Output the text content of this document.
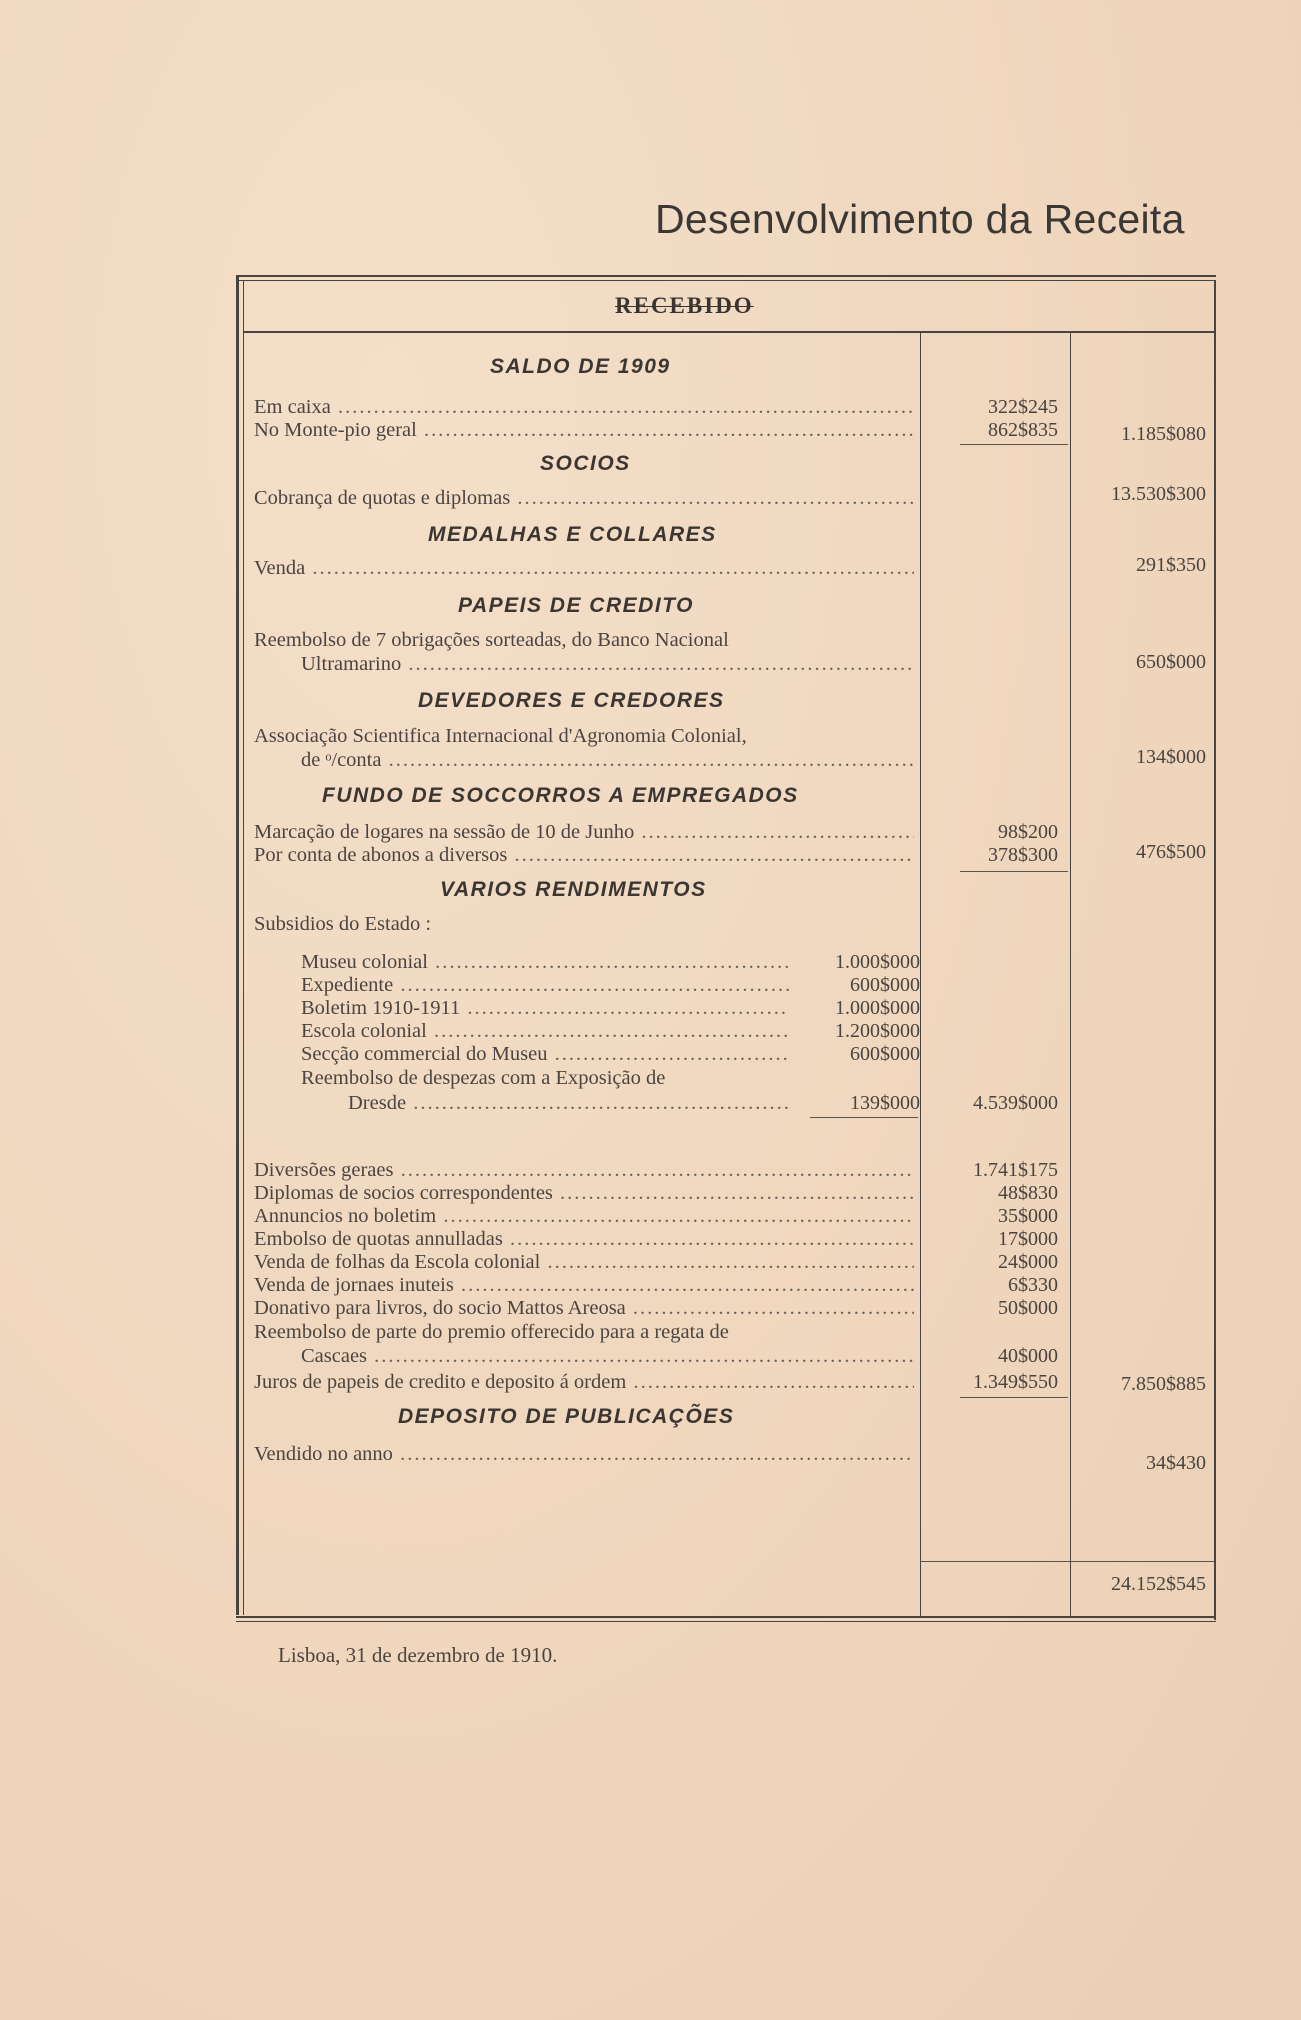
Desenvolvimento da Receita
RECEBIDO
SALDO DE 1909
Em caixa .....	322$245
No Monte-pio geral .....	862$835	1.185$080
SOCIOS
Cobrança de quotas e diplomas .....	13.530$300
MEDALHAS E COLLARES
Venda .....	291$350
PAPEIS DE CREDITO
Reembolso de 7 obrigações sorteadas, do Banco Nacional
Ultramarino .....	650$000
DEVEDORES E CREDORES
Associação Scientifica Internacional d'Agronomia Colonial,
de ᵒ/conta .....	134$000
FUNDO DE SOCCORROS A EMPREGADOS
Marcação de logares na sessão de 10 de Junho .....	98$200
Por conta de abonos a diversos .....	378$300	476$500
VARIOS RENDIMENTOS
Subsidios do Estado :
Museu colonial .....	1.000$000
Expediente .....	600$000
Boletim 1910-1911 .....	1.000$000
Escola colonial .....	1.200$000
Secção commercial do Museu .....	600$000
Reembolso de despezas com a Exposição de
Dresde .....	139$000	4.539$000
Diversões geraes .....	1.741$175
Diplomas de socios correspondentes .....	48$830
Annuncios no boletim .....	35$000
Embolso de quotas annulladas .....	17$000
Venda de folhas da Escola colonial .....	24$000
Venda de jornaes inuteis .....	6$330
Donativo para livros, do socio Mattos Areosa .....	50$000
Reembolso de parte do premio offerecido para a regata de
Cascaes .....	40$000
Juros de papeis de credito e deposito á ordem .....	1.349$550	7.850$885
DEPOSITO DE PUBLICAÇÕES
Vendido no anno .....	34$430
24.152$545
Lisboa, 31 de dezembro de 1910.
